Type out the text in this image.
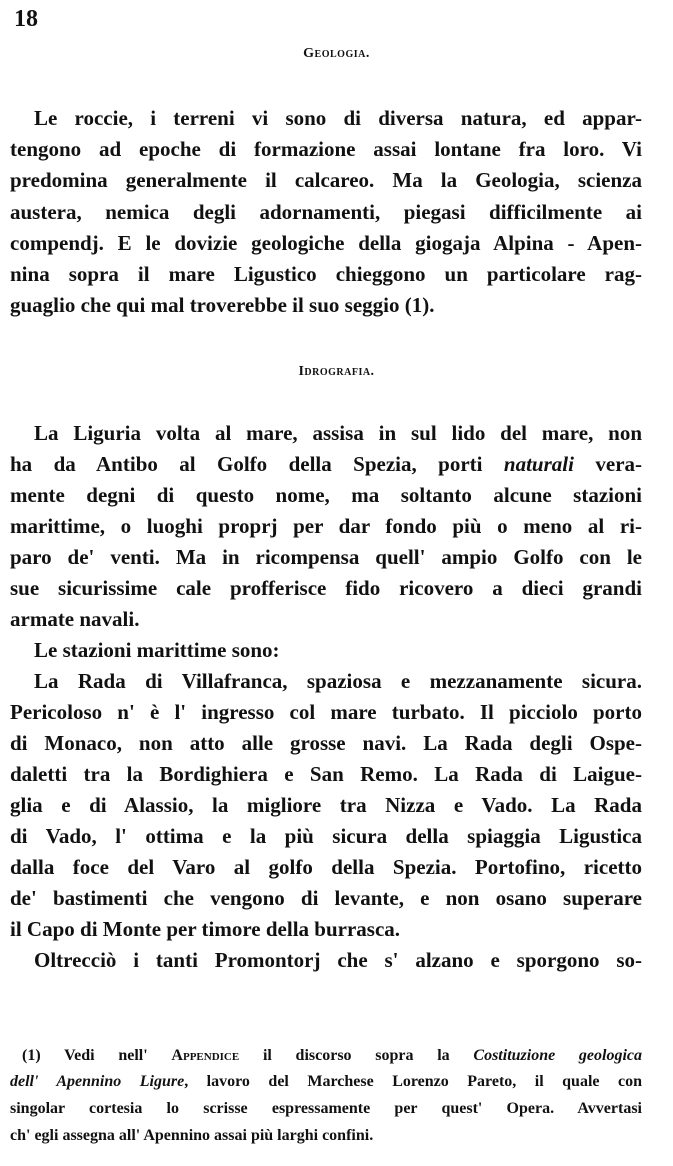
18
Geologia.
Le roccie, i terreni vi sono di diversa natura, ed appar-
tengono ad epoche di formazione assai lontane fra loro. Vi
predomina generalmente il calcareo. Ma la Geologia, scienza
austera, nemica degli adornamenti, piegasi difficilmente ai
compendj. E le dovizie geologiche della giogaja Alpina - Apen-
nina sopra il mare Ligustico chieggono un particolare rag-
guaglio che qui mal troverebbe il suo seggio (1).
Idrografia.
La Liguria volta al mare, assisa in sul lido del mare, non
ha da Antibo al Golfo della Spezia, porti naturali vera-
mente degni di questo nome, ma soltanto alcune stazioni
marittime, o luoghi proprj per dar fondo più o meno al ri-
paro de' venti. Ma in ricompensa quell' ampio Golfo con le
sue sicurissime cale profferisce fido ricovero a dieci grandi
armate navali.
Le stazioni marittime sono:
La Rada di Villafranca, spaziosa e mezzanamente sicura.
Pericoloso n' è l' ingresso col mare turbato. Il picciolo porto
di Monaco, non atto alle grosse navi. La Rada degli Ospe-
daletti tra la Bordighiera e San Remo. La Rada di Laigue-
glia e di Alassio, la migliore tra Nizza e Vado. La Rada
di Vado, l' ottima e la più sicura della spiaggia Ligustica
dalla foce del Varo al golfo della Spezia. Portofino, ricetto
de' bastimenti che vengono di levante, e non osano superare
il Capo di Monte per timore della burrasca.
Oltrecciò i tanti Promontorj che s' alzano e sporgono so-
(1) Vedi nell' Appendice il discorso sopra la Costituzione geologica
dell' Apennino Ligure, lavoro del Marchese Lorenzo Pareto, il quale con
singolar cortesia lo scrisse espressamente per quest' Opera. Avvertasi
ch' egli assegna all' Apennino assai più larghi confini.
